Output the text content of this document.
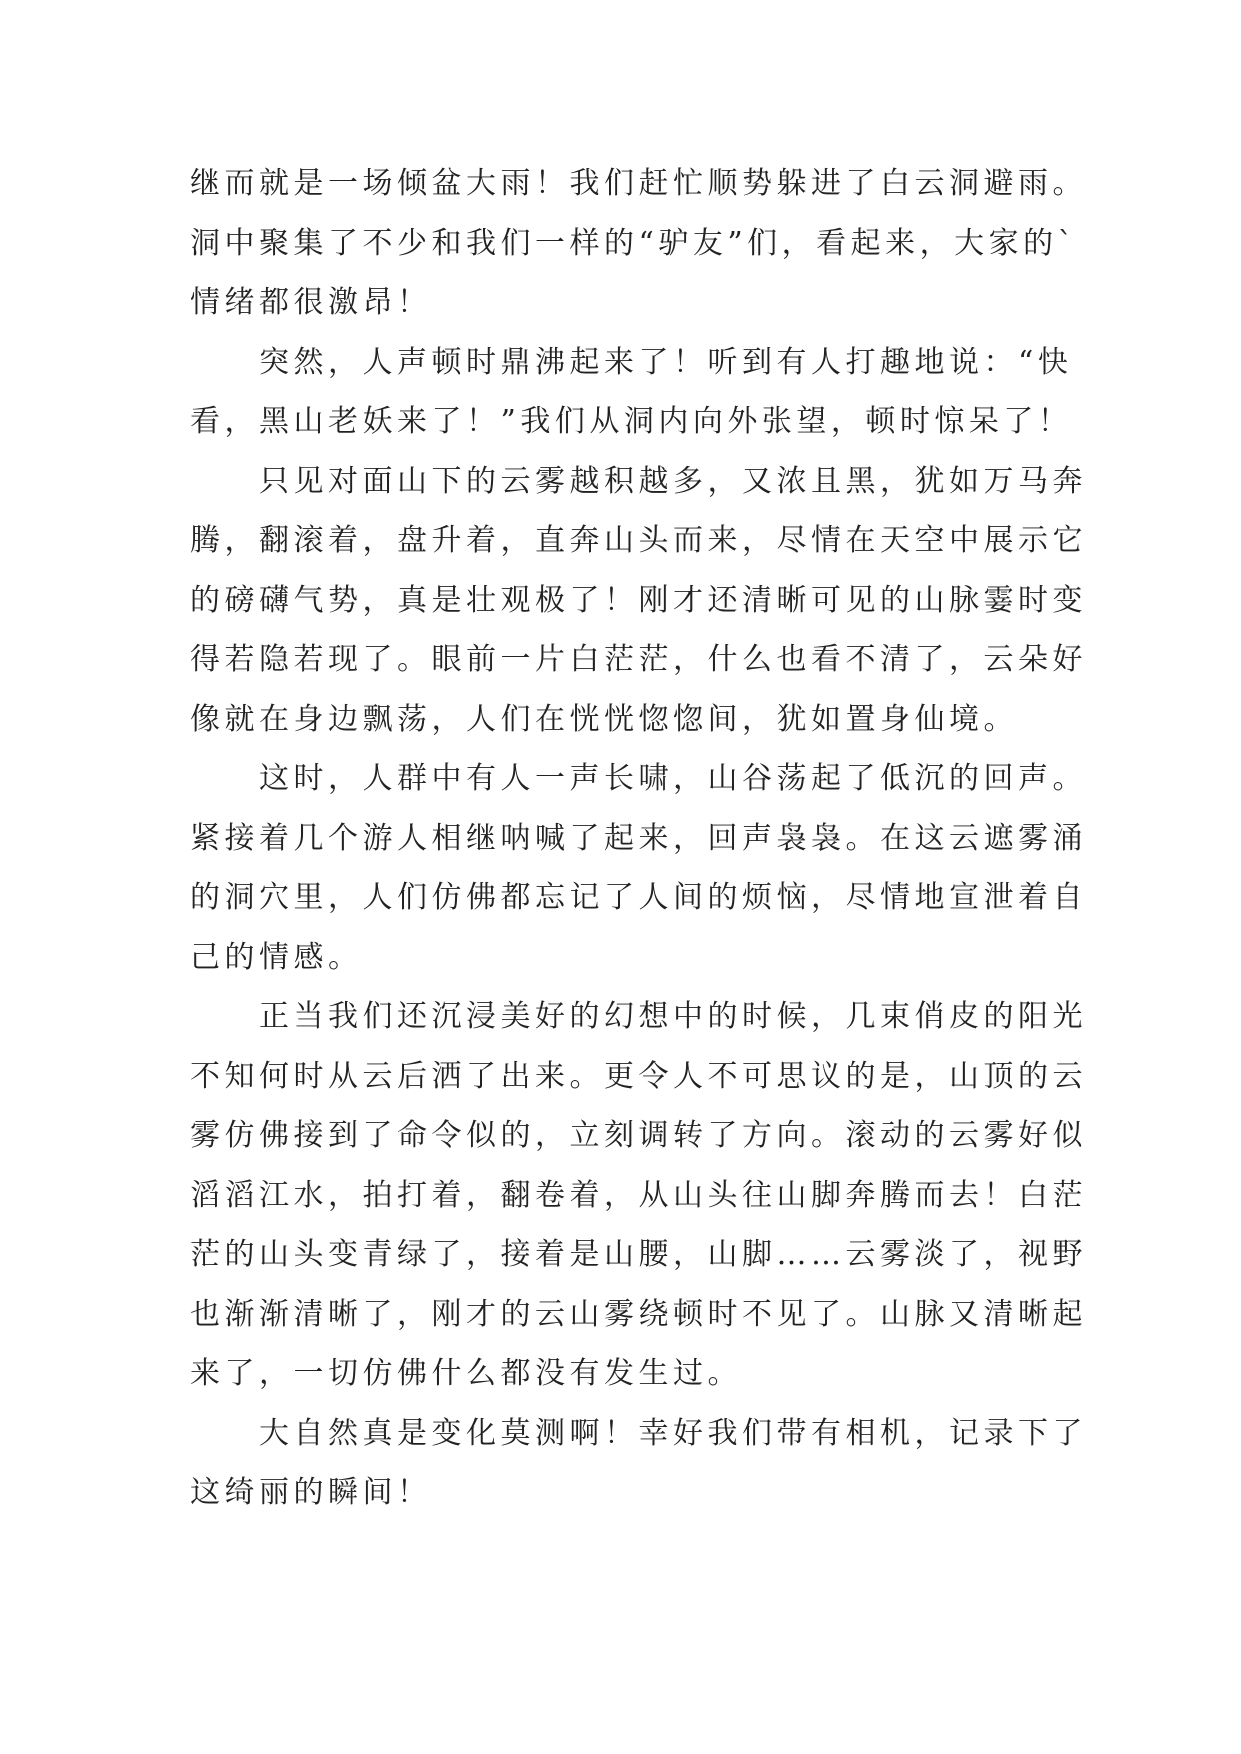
继而就是一场倾盆大雨！我们赶忙顺势躲进了白云洞避雨。
洞中聚集了不少和我们一样的“驴友”们，看起来，大家的`
情绪都很激昂！
突然，人声顿时鼎沸起来了！听到有人打趣地说：“快
看，黑山老妖来了！”我们从洞内向外张望，顿时惊呆了！
只见对面山下的云雾越积越多，又浓且黑，犹如万马奔
腾，翻滚着，盘升着，直奔山头而来，尽情在天空中展示它
的磅礴气势，真是壮观极了！刚才还清晰可见的山脉霎时变
得若隐若现了。眼前一片白茫茫，什么也看不清了，云朵好
像就在身边飘荡，人们在恍恍惚惚间，犹如置身仙境。
这时，人群中有人一声长啸，山谷荡起了低沉的回声。
紧接着几个游人相继呐喊了起来，回声袅袅。在这云遮雾涌
的洞穴里，人们仿佛都忘记了人间的烦恼，尽情地宣泄着自
己的情感。
正当我们还沉浸美好的幻想中的时候，几束俏皮的阳光
不知何时从云后洒了出来。更令人不可思议的是，山顶的云
雾仿佛接到了命令似的，立刻调转了方向。滚动的云雾好似
滔滔江水，拍打着，翻卷着，从山头往山脚奔腾而去！白茫
茫的山头变青绿了，接着是山腰，山脚……云雾淡了，视野
也渐渐清晰了，刚才的云山雾绕顿时不见了。山脉又清晰起
来了，一切仿佛什么都没有发生过。
大自然真是变化莫测啊！幸好我们带有相机，记录下了
这绮丽的瞬间！
